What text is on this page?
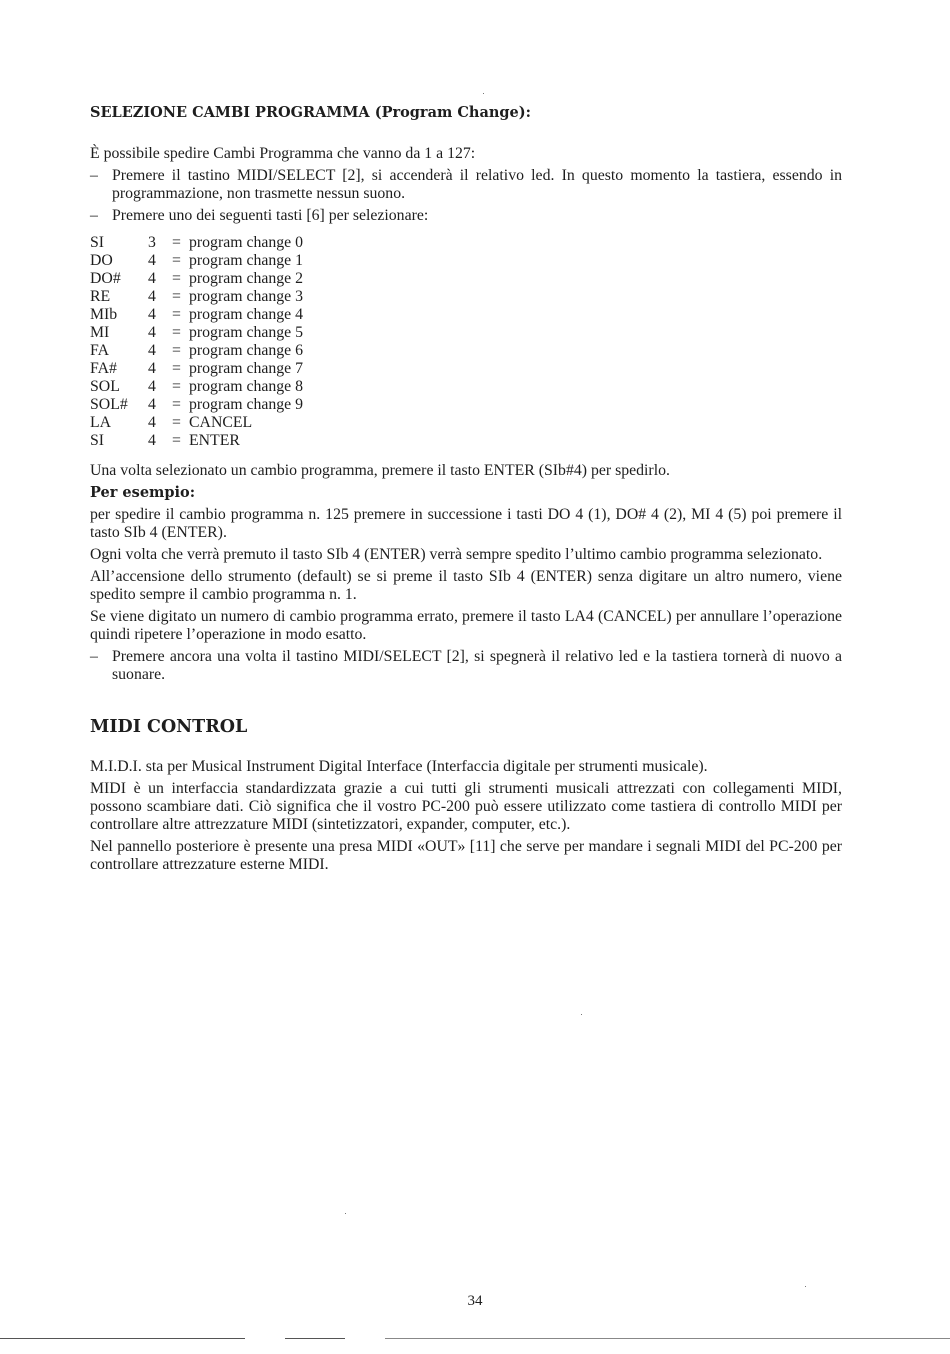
SELEZIONE CAMBI PROGRAMMA (Program Change):

È possibile spedire Cambi Programma che vanno da 1 a 127:

– Premere il tastino MIDI/SELECT [2], si accenderà il relativo led. In questo momento la tastiera, essendo in programmazione, non trasmette nessun suono.
– Premere uno dei seguenti tasti [6] per selezionare:
SI	3	= program change 0
DO	4	= program change 1
DO#	4	= program change 2
RE	4	= program change 3
MIb	4	= program change 4
MI	4	= program change 5
FA	4	= program change 6
FA#	4	= program change 7
SOL	4	= program change 8
SOL#	4	= program change 9
LA	4	= CANCEL
SI	4	= ENTER

Una volta selezionato un cambio programma, premere il tasto ENTER (SIb#4) per spedirlo.

Per esempio:

per spedire il cambio programma n. 125 premere in successione i tasti DO 4 (1), DO# 4 (2), MI 4 (5) poi premere il tasto SIb 4 (ENTER).

Ogni volta che verrà premuto il tasto SIb 4 (ENTER) verrà sempre spedito l’ultimo cambio programma selezionato.

All’accensione dello strumento (default) se si preme il tasto SIb 4 (ENTER) senza digitare un altro numero, viene spedito sempre il cambio programma n. 1.

Se viene digitato un numero di cambio programma errato, premere il tasto LA4 (CANCEL) per annullare l’operazione quindi ripetere l’operazione in modo esatto.

– Premere ancora una volta il tastino MIDI/SELECT [2], si spegnerà il relativo led e la tastiera tornerà di nuovo a suonare.
MIDI CONTROL

M.I.D.I. sta per Musical Instrument Digital Interface (Interfaccia digitale per strumenti musicale).

MIDI è un interfaccia standardizzata grazie a cui tutti gli strumenti musicali attrezzati con collegamenti MIDI, possono scambiare dati. Ciò significa che il vostro PC-200 può essere utilizzato come tastiera di controllo MIDI per controllare altre attrezzature MIDI (sintetizzatori, expander, computer, etc.).

Nel pannello posteriore è presente una presa MIDI «OUT» [11] che serve per mandare i segnali MIDI del PC-200 per controllare attrezzature esterne MIDI.

34
